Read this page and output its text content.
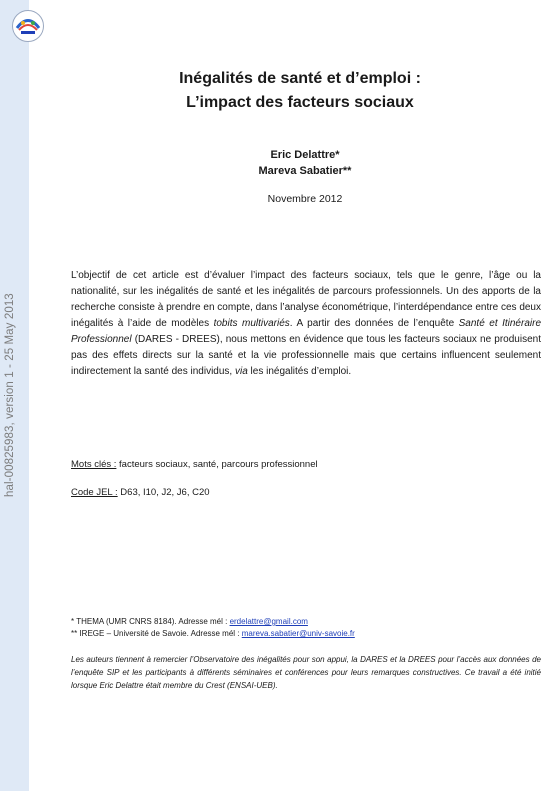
hal-00825983, version 1 - 25 May 2013
Inégalités de santé et d’emploi :
L’impact des facteurs sociaux
Eric Delattre*
Mareva Sabatier**
Novembre 2012
L’objectif de cet article est d’évaluer l’impact des facteurs sociaux, tels que le genre, l’âge ou la nationalité, sur les inégalités de santé et les inégalités de parcours professionnels. Un des apports de la recherche consiste à prendre en compte, dans l’analyse économétrique, l’interdépendance entre ces deux inégalités à l’aide de modèles tobits multivariés. A partir des données de l’enquête Santé et Itinéraire Professionnel (DARES - DREES), nous mettons en évidence que tous les facteurs sociaux ne produisent pas des effets directs sur la santé et la vie professionnelle mais que certains influencent seulement indirectement la santé des individus, via les inégalités d’emploi.
Mots clés : facteurs sociaux, santé, parcours professionnel
Code JEL : D63, I10, J2, J6, C20
* THEMA (UMR CNRS 8184). Adresse mél : erdelattre@gmail.com
** IREGE – Université de Savoie. Adresse mél : mareva.sabatier@univ-savoie.fr
Les auteurs tiennent à remercier l’Observatoire des inégalités pour son appui, la DARES et la DREES pour l’accès aux données de l’enquête SIP et les participants à différents séminaires et conférences pour leurs remarques constructives. Ce travail a été initié lorsque Eric Delattre était membre du Crest (ENSAI-UEB).
